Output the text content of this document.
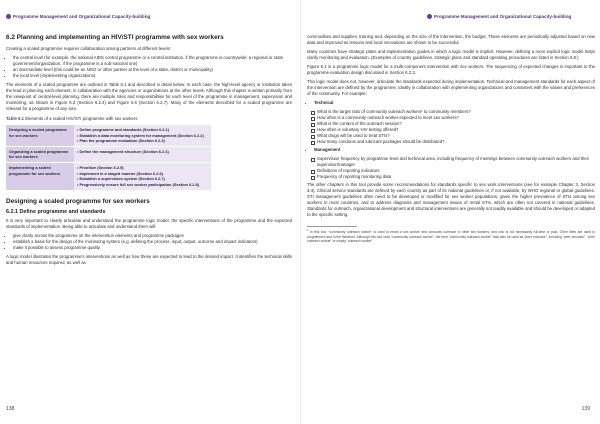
Programme Management and Organizational Capacity-building
6.2 Planning and implementing an HIV/STI programme with sex workers

Creating a scaled programme requires collaboration among partners at different levels:

• the central level (for example, the national AIDS control programme or a central institution, if the programme is countrywide; a regional or state government/organization, if the programme is a sub-national one)
• an intermediate level (this could be an NGO or other partner at the level of a state, district or municipality)
• the local level (implementing organizations).

The elements of a scaled programme are outlined in Table 6.1 and described in detail below. In each case, the high-level agency or institution takes the lead in planning each element, in collaboration with the agencies or organizations at the other levels. Although this chapter is written primarily from the viewpoint of central-level planning, there are multiple roles and responsibilities for each level of the programme in management, supervision and monitoring, as shown in Figure 6.3 (Section 6.2.4) and Figure 6.6 (Section 6.2.7). Many of the elements described for a scaled programme are relevant for a programme of any size.

Table 6.1 Elements of a scaled HIV/STI programme with sex workers
Designing a scaled programme for sex workers	• Define programme and standards (Section 6.2.1)
• Establish a data monitoring system for management (Section 6.2.2)
• Plan the programme evaluation (Section 6.2.3)

Organizing a scaled programme for sex workers	• Define the management structure (Section 6.2.4)

Implementing a scaled programme for sex workers	• Prioritize (Section 6.2.5)
• Implement in a staged manner (Section 6.2.6)
• Establish a supervision system (Section 6.2.7)
• Progressively ensure full sex worker participation (Section 6.2.8)
Designing a scaled programme for sex workers
6.2.1 Define programme and standards

It is very important to clearly articulate and understand the programme logic model, the specific interventions of the programme and the expected standards of implementation. Being able to articulate and understand them will:

• give clarity across the programme on the intervention elements and programme packages
• establish a basis for the design of the monitoring system (e.g. defining the process, input, output, outcome and impact indicators)
• make it possible to assess programme quality.

A logic model illustrates the programme’s interventions as well as how these are expected to lead to the desired impact. It identifies the technical skills and human resources required, as well as

138
Programme Management and Organizational Capacity-building

commodities and supplies, training and, depending on the size of the intervention, the budget. These elements are periodically adjusted based on new data and improved as lessons and local innovations are shown to be successful.

Many countries have strategic plans and implementation guides in which a logic model is implicit. However, defining a more explicit logic model helps clarify monitoring and evaluation. (Examples of country guidelines, strategic plans and standard operating procedures are listed in Section 6.8.)

Figure 6.1 is a programme logic model for a multi-component intervention with sex workers. The sequencing of expected changes is important to the programme evaluation design discussed in Section 6.2.3.

This logic model does not, however, articulate the standards expected during implementation. Technical and management standards for each aspect of the intervention are defined by the programme, ideally in collaboration with implementing organizations and consistent with the values and preferences of the community. For example:

• Technical
What is the target ratio of community outreach workers¹ to community members?
How often is a community outreach worker expected to meet sex workers?
What is the content of the outreach session?
How often is voluntary HIV testing offered?
What drugs will be used to treat STIs?
How many condoms and lubricant packages should be distributed?
• Management
Supervision frequency by programme level and technical area, including frequency of meetings between community outreach workers and their supervisor/manager
Definitions of reporting indicators
Frequency of reporting monitoring data

The other chapters in this tool provide some recommendations for standards specific to sex work interventions (see for example Chapter 3, Section 3.4). Clinical service standards are defined by each country as part of its national guidelines or, if not available, by WHO regional or global guidelines. STI management guidelines often need to be developed or modified for sex worker populations, given the higher prevalence of STIs among sex workers in most countries, and to address diagnosis and management issues of rectal STIs, which are often not covered in national guidelines. Standards for outreach, organizational development and structural interventions are generally not readily available and should be developed or adapted to the specific setting.

$^1$ In this tool, “community outreach worker” is used to mean a sex worker who conducts outreach to other sex workers, and who is not necessarily full-time or paid. Other titles are used in programmes and in the literature. Although this tool uses “community outreach worker”, the term “community outreach worker” may also be used as “peer educator”, including “peer educator”, “peer outreach worker” or simply “outreach worker”.

139
